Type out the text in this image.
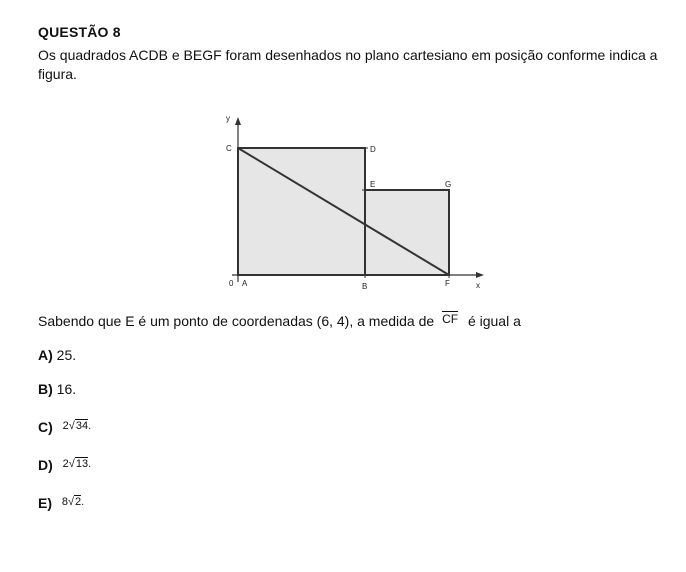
QUESTÃO 8
Os quadrados ACDB e BEGF foram desenhados no plano cartesiano em posição conforme indica a figura.
y
x
0 A	B
C	D
E
F
G
Sabendo que E é um ponto de coordenadas (6, 4), a medida de CF é igual a
A) 25.
B) 16.
C) $^{2√34.}$
D) $^{2√13.}$
E) $^{8√2.}$
